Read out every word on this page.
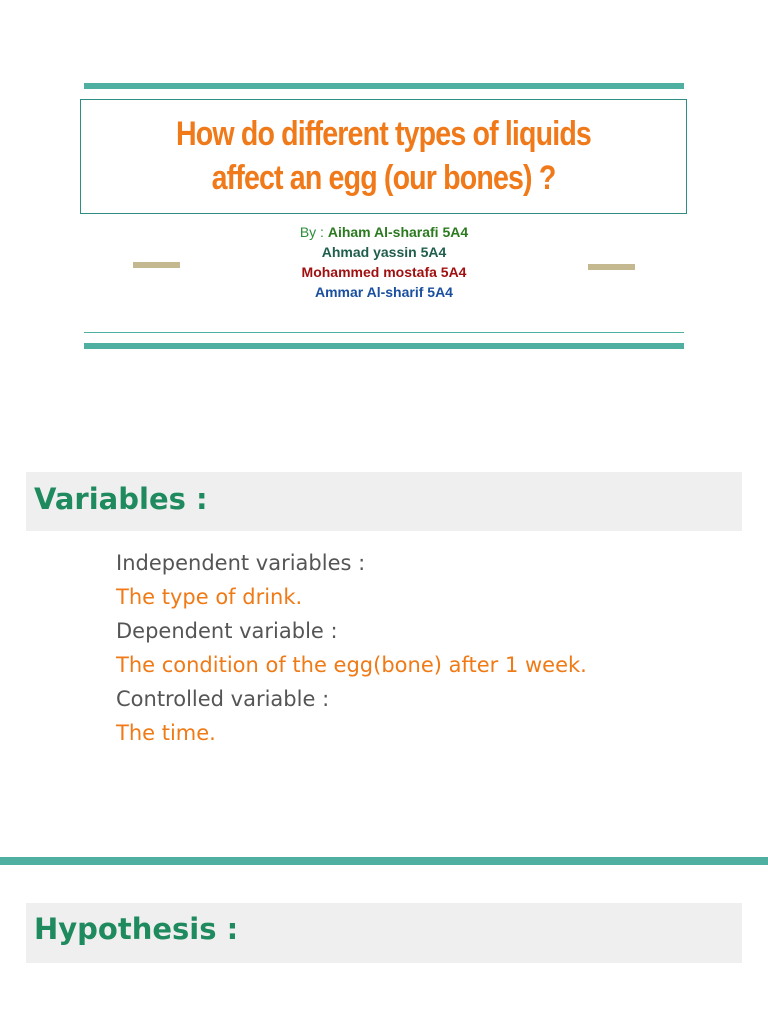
How do different types of liquids
affect an egg (our bones) ?
By : Aiham Al-sharafi 5A4
Ahmad yassin 5A4
Mohammed mostafa 5A4
Ammar Al-sharif 5A4
Variables :
Independent variables :
The type of drink.
Dependent variable :
The condition of the egg(bone) after 1 week.
Controlled variable :
The time.
Hypothesis :
